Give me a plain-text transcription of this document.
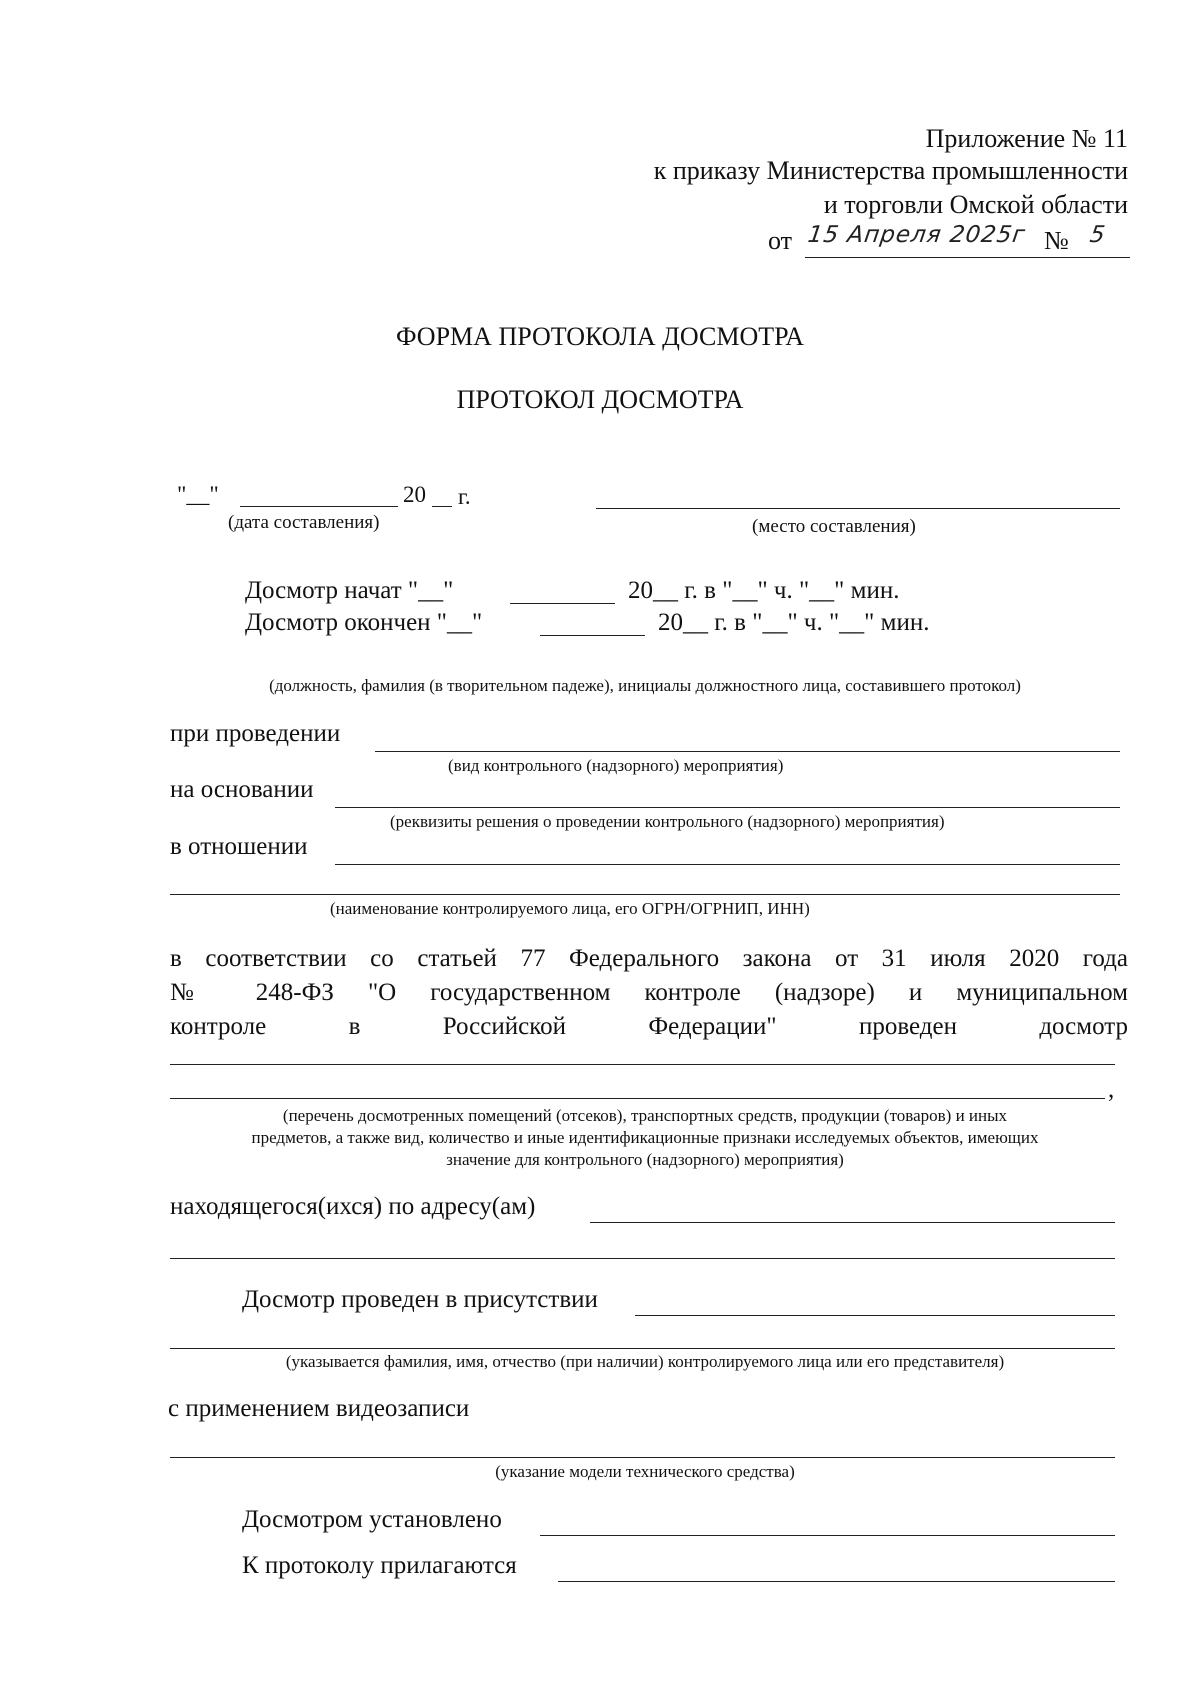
Приложение № 11
к приказу Министерства промышленности
и торговли Омской области
от 15 Апреля 2025г № 5
ФОРМА ПРОТОКОЛА ДОСМОТРА
ПРОТОКОЛ ДОСМОТРА
"__"	20 г.
(дата составления)	(место составления)
Досмотр начат "__"	20__ г. в "__" ч. "__" мин.
Досмотр окончен "__"	20__ г. в "__" ч. "__" мин.
(должность, фамилия (в творительном падеже), инициалы должностного лица, составившего протокол)
при проведении
(вид контрольного (надзорного) мероприятия)
на основании
(реквизиты решения о проведении контрольного (надзорного) мероприятия)
в отношении
(наименование контролируемого лица, его ОГРН/ОГРНИП, ИНН)
в соответствии со статьей 77 Федерального закона от 31 июля 2020 года
№ 248-ФЗ "О государственном контроле (надзоре) и муниципальном
контроле в Российской Федерации" проведен досмотр
,
(перечень досмотренных помещений (отсеков), транспортных средств, продукции (товаров) и иных
предметов, а также вид, количество и иные идентификационные признаки исследуемых объектов, имеющих
значение для контрольного (надзорного) мероприятия)
находящегося(ихся) по адресу(ам)
Досмотр проведен в присутствии
(указывается фамилия, имя, отчество (при наличии) контролируемого лица или его представителя)
с применением видеозаписи
(указание модели технического средства)
Досмотром установлено
К протоколу прилагаются
